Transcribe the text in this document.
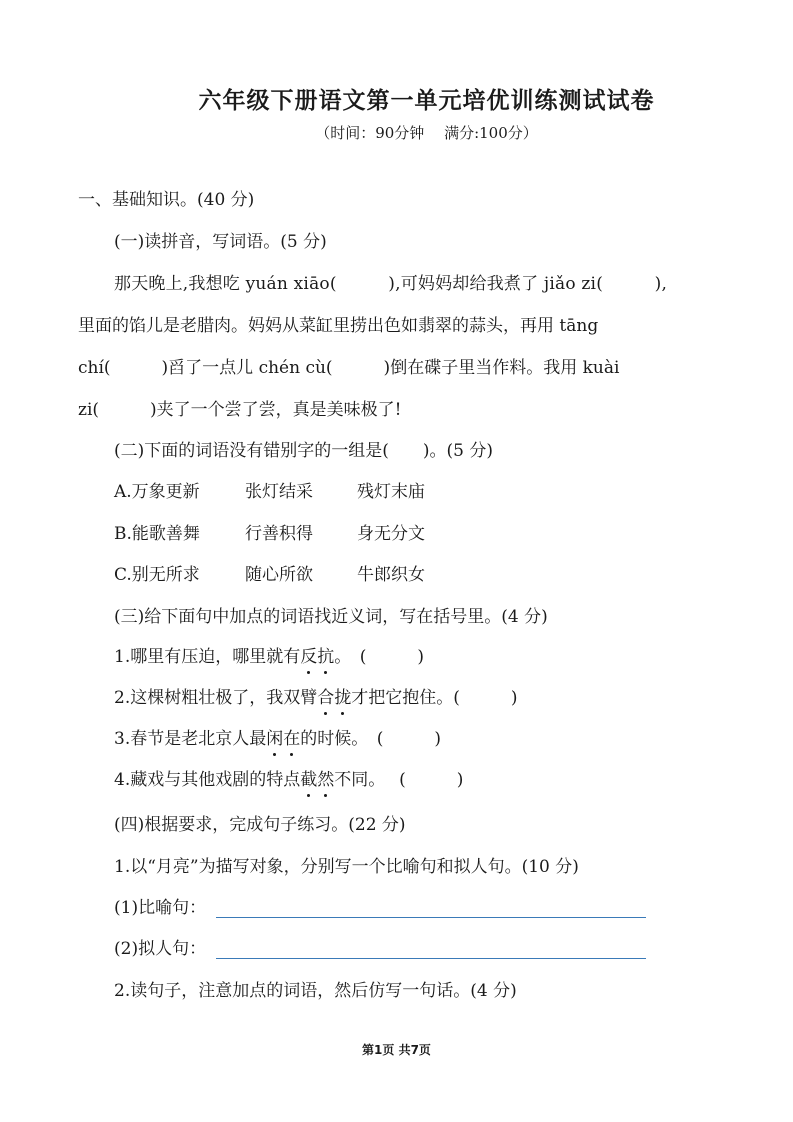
六年级下册语文第一单元培优训练测试试卷
（时间：90分钟　 满分:100分）
一、基础知识。(40 分)
(一)读拼音，写词语。(5 分)
那天晚上,我想吃 yuán xiāo(　　　),可妈妈却给我煮了 jiǎo zi(　　　),
里面的馅儿是老腊肉。妈妈从菜缸里捞出色如翡翠的蒜头，再用 tāng
chí(　　　)舀了一点儿 chén cù(　　　)倒在碟子里当作料。我用 kuài
zi(　　　)夹了一个尝了尝，真是美味极了!
(二)下面的词语没有错别字的一组是(　　)。(5 分)
A.万象更新	张灯结采	残灯末庙
B.能歌善舞	行善积得	身无分文
C.别无所求	随心所欲	牛郎织女
(三)给下面句中加点的词语找近义词，写在括号里。(4 分)
1.哪里有压迫，哪里就有反抗。　(　　　)
2.这棵树粗壮极了，我双臂合拢才把它抱住。(　　　)
3.春节是老北京人最闲在的时候。　(　　　)
4.藏戏与其他戏剧的特点截然不同。　 (　　　)
(四)根据要求，完成句子练习。(22 分)
1.以“月亮”为描写对象，分别写一个比喻句和拟人句。(10 分)
(1)比喻句：
(2)拟人句：
2.读句子，注意加点的词语，然后仿写一句话。(4 分)
第1页 共7页
